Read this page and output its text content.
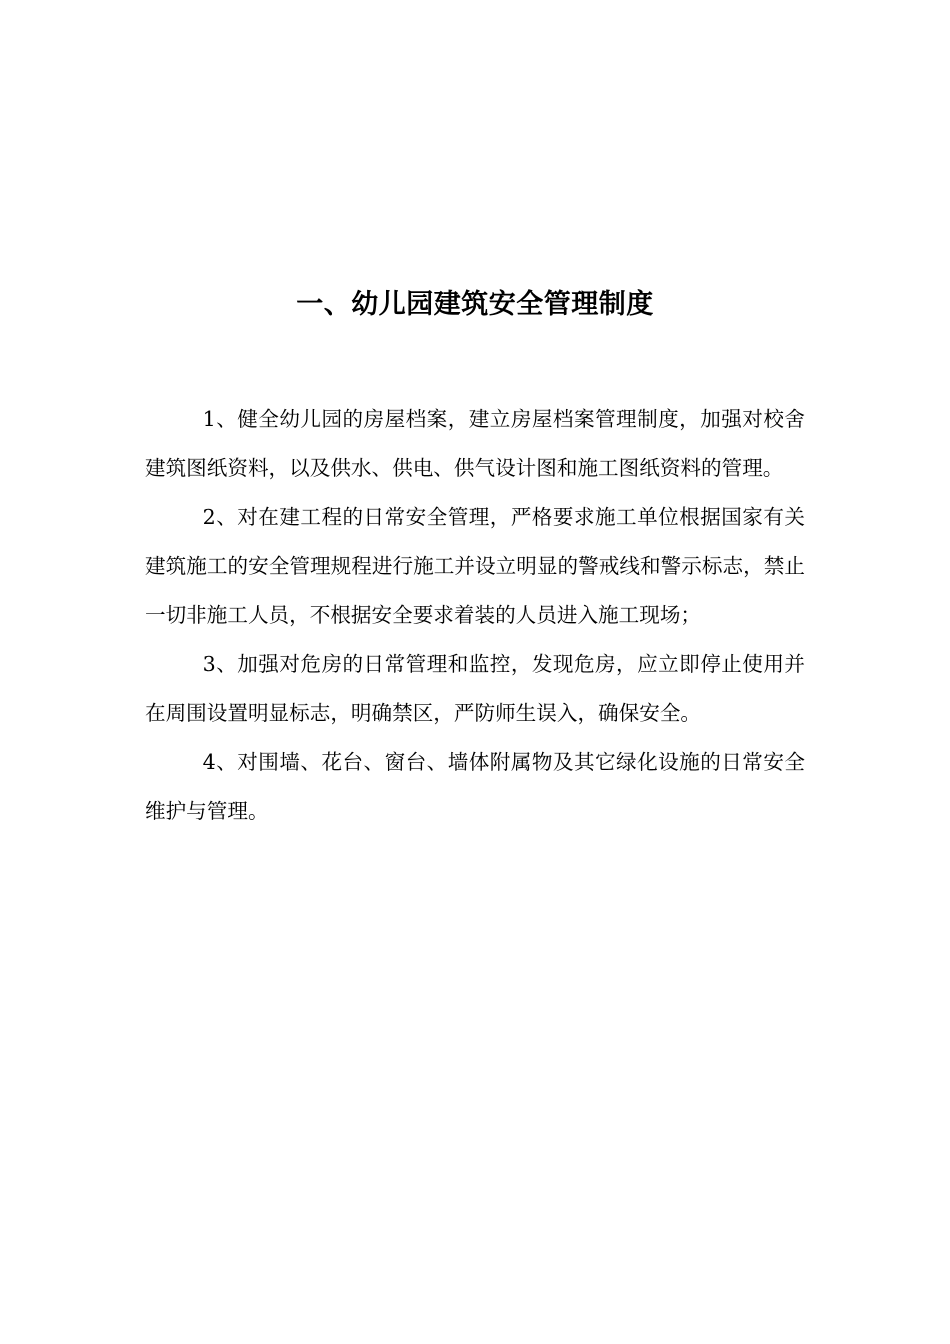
一、幼儿园建筑安全管理制度

1、健全幼儿园的房屋档案，建立房屋档案管理制度，加强对校舍建筑图纸资料，以及供水、供电、供气设计图和施工图纸资料的管理。

2、对在建工程的日常安全管理，严格要求施工单位根据国家有关建筑施工的安全管理规程进行施工并设立明显的警戒线和警示标志，禁止一切非施工人员，不根据安全要求着装的人员进入施工现场；

3、加强对危房的日常管理和监控，发现危房，应立即停止使用并在周围设置明显标志，明确禁区，严防师生误入，确保安全。

4、对围墙、花台、窗台、墙体附属物及其它绿化设施的日常安全维护与管理。
